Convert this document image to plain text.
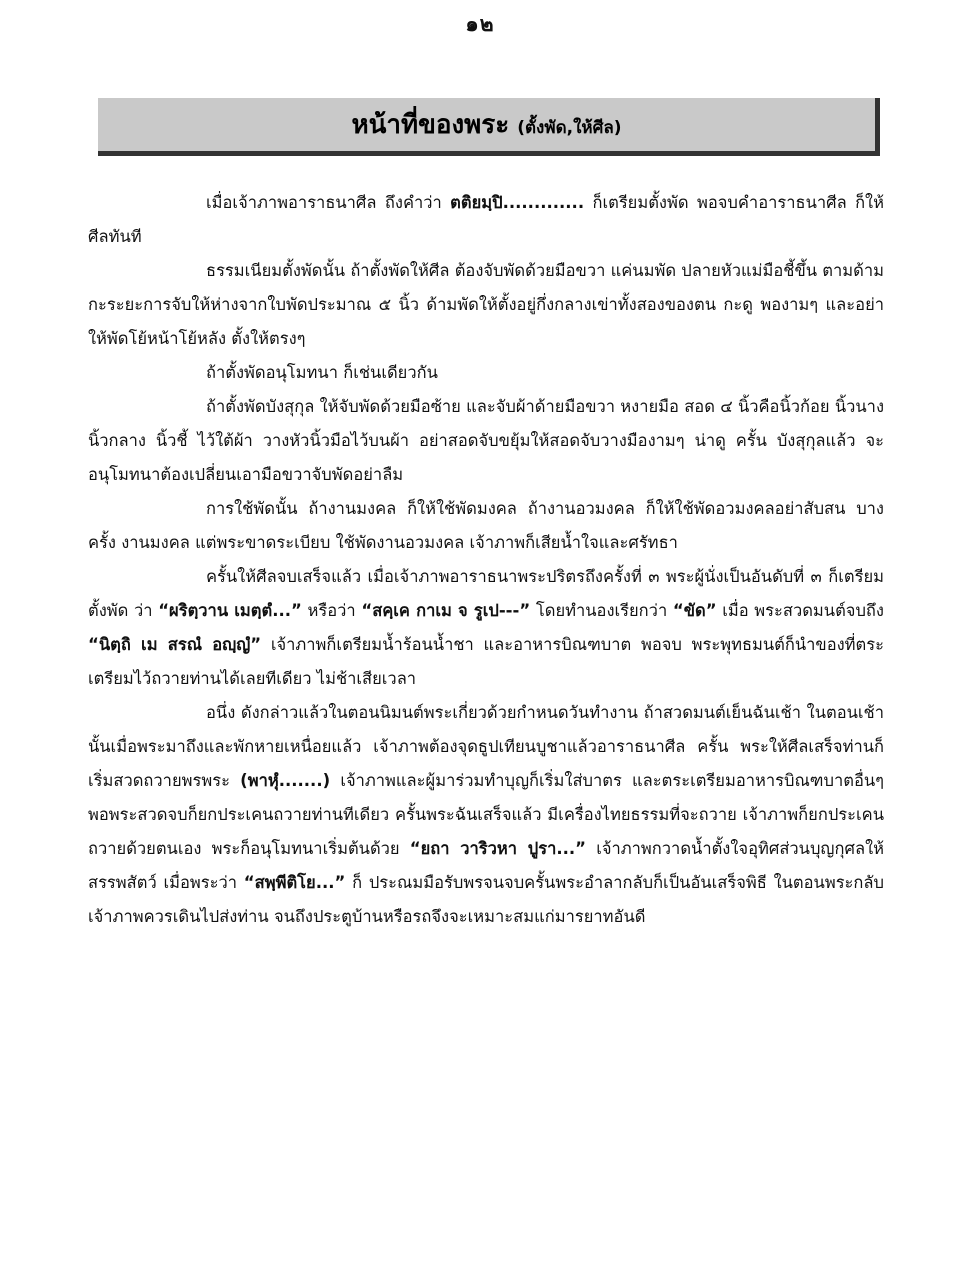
๑๒
หน้าที่ของพระ (ตั้งพัด,ให้ศีล)

เมื่อเจ้าภาพอาราธนาศีล ถึงคำว่า ตติยมฺปิ............. ก็เตรียมตั้งพัด พอจบคำอาราธนาศีล ก็ให้ศีลทันที

ธรรมเนียมตั้งพัดนั้น ถ้าตั้งพัดให้ศีล ต้องจับพัดด้วยมือขวา แค่นมพัด ปลายหัวแม่มือชี้ขึ้น ตามด้าม กะระยะการจับให้ห่างจากใบพัดประมาณ ๕ นิ้ว ด้ามพัดให้ตั้งอยู่กึ่งกลางเข่าทั้งสองของตน กะดู พองามๆ และอย่าให้พัดโย้หน้าโย้หลัง ตั้งให้ตรงๆ

ถ้าตั้งพัดอนุโมทนา ก็เช่นเดียวกัน

ถ้าตั้งพัดบังสุกุล ให้จับพัดด้วยมือซ้าย และจับผ้าด้ายมือขวา หงายมือ สอด ๔ นิ้วคือนิ้วก้อย นิ้วนาง นิ้วกลาง นิ้วชี้ ไว้ใต้ผ้า วางหัวนิ้วมือไว้บนผ้า อย่าสอดจับขยุ้มให้สอดจับวางมืองามๆ น่าดู ครั้น บังสุกุลแล้ว จะอนุโมทนาต้องเปลี่ยนเอามือขวาจับพัดอย่าลืม

การใช้พัดนั้น ถ้างานมงคล ก็ให้ใช้พัดมงคล ถ้างานอวมงคล ก็ให้ใช้พัดอวมงคลอย่าสับสน บางครั้ง งานมงคล แต่พระขาดระเบียบ ใช้พัดงานอวมงคล เจ้าภาพก็เสียน้ำใจและศรัทธา

ครั้นให้ศีลจบเสร็จแล้ว เมื่อเจ้าภาพอาราธนาพระปริตรถึงครั้งที่ ๓ พระผู้นั่งเป็นอันดับที่ ๓ ก็เตรียมตั้งพัด ว่า “ผริตฺวาน เมตฺตํ...” หรือว่า “สคฺเค กาเม จ รูเป---” โดยทำนองเรียกว่า “ขัด” เมื่อ พระสวดมนต์จบถึง “นิตฺถิ เม สรณํ อญฺญํ” เจ้าภาพก็เตรียมน้ำร้อนน้ำชา และอาหารบิณฑบาต พอจบ พระพุทธมนต์ก็นำของที่ตระเตรียมไว้ถวายท่านได้เลยทีเดียว ไม่ช้าเสียเวลา

อนึ่ง ดังกล่าวแล้วในตอนนิมนต์พระเกี่ยวด้วยกำหนดวันทำงาน ถ้าสวดมนต์เย็นฉันเช้า ในตอนเช้านั้นเมื่อพระมาถึงและพักหายเหนื่อยแล้ว เจ้าภาพต้องจุดธูปเทียนบูชาแล้วอาราธนาศีล ครั้น พระให้ศีลเสร็จท่านก็เริ่มสวดถวายพรพระ (พาหุํ.......) เจ้าภาพและผู้มาร่วมทำบุญก็เริ่มใส่บาตร และตระเตรียมอาหารบิณฑบาตอื่นๆ พอพระสวดจบก็ยกประเคนถวายท่านทีเดียว ครั้นพระฉันเสร็จแล้ว มีเครื่องไทยธรรมที่จะถวาย เจ้าภาพก็ยกประเคนถวายด้วยตนเอง พระก็อนุโมทนาเริ่มต้นด้วย “ยถา วาริวหา ปูรา...” เจ้าภาพกวาดน้ำตั้งใจอุทิศส่วนบุญกุศลให้สรรพสัตว์ เมื่อพระว่า “สพฺพีติโย...” ก็ ประณมมือรับพรจนจบครั้นพระอำลากลับก็เป็นอันเสร็จพิธี ในตอนพระกลับ เจ้าภาพควรเดินไปส่งท่าน จนถึงประตูบ้านหรือรถจึงจะเหมาะสมแก่มารยาทอันดี
